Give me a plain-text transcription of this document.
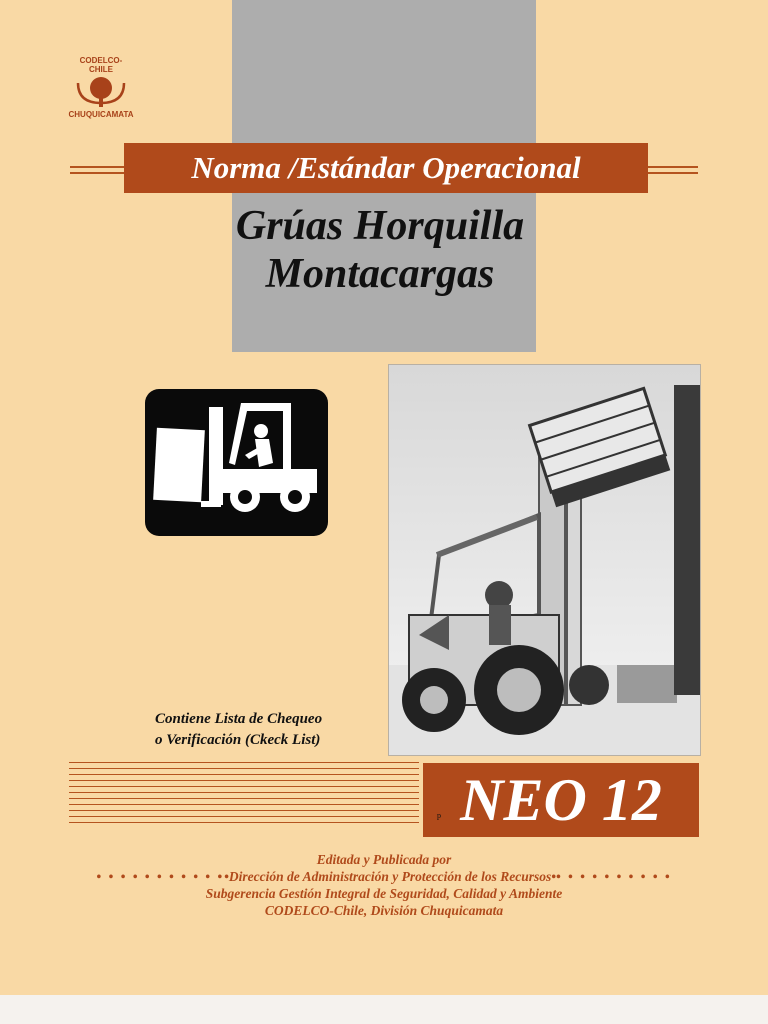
CODELCO-CHILE
CHUQUICAMATA
Norma /Estándar Operacional
Grúas Horquilla
Montacargas
Contiene Lista de Chequeo
o Verificación (Ckeck List)
NEO 12
p
Editada y Publicada por
• • • • • • • • • • ••Dirección de Administración y Protección de los Recursos•• • • • • • • • • •
Subgerencia Gestión Integral de Seguridad, Calidad y Ambiente
CODELCO-Chile, División Chuquicamata
